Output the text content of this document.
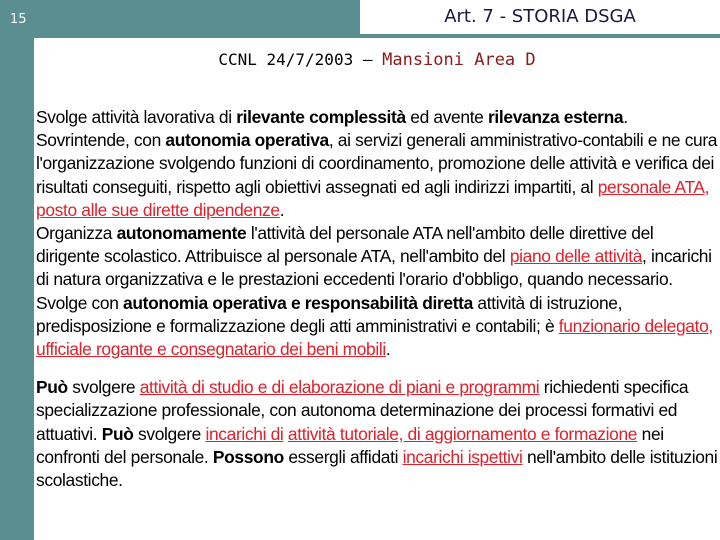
15	Art. 7 - STORIA DSGA
CCNL 24/7/2003 – Mansioni Area D

Svolge attività lavorativa di rilevante complessità ed avente rilevanza esterna. Sovrintende, con autonomia operativa, ai servizi generali amministrativo-contabili e ne cura l'organizzazione svolgendo funzioni di coordinamento, promozione delle attività e verifica dei risultati conseguiti, rispetto agli obiettivi assegnati ed agli indirizzi impartiti, al personale ATA, posto alle sue dirette dipendenze.

Organizza autonomamente l'attività del personale ATA nell'ambito delle direttive del dirigente scolastico. Attribuisce al personale ATA, nell'ambito del piano delle attività, incarichi di natura organizzativa e le prestazioni eccedenti l'orario d'obbligo, quando necessario.

Svolge con autonomia operativa e responsabilità diretta attività di istruzione, predisposizione e formalizzazione degli atti amministrativi e contabili; è funzionario delegato, ufficiale rogante e consegnatario dei beni mobili.

Può svolgere attività di studio e di elaborazione di piani e programmi richiedenti specifica specializzazione professionale, con autonoma determinazione dei processi formativi ed attuativi. Può svolgere incarichi di attività tutoriale, di aggiornamento e formazione nei confronti del personale. Possono essergli affidati incarichi ispettivi nell'ambito delle istituzioni scolastiche.
